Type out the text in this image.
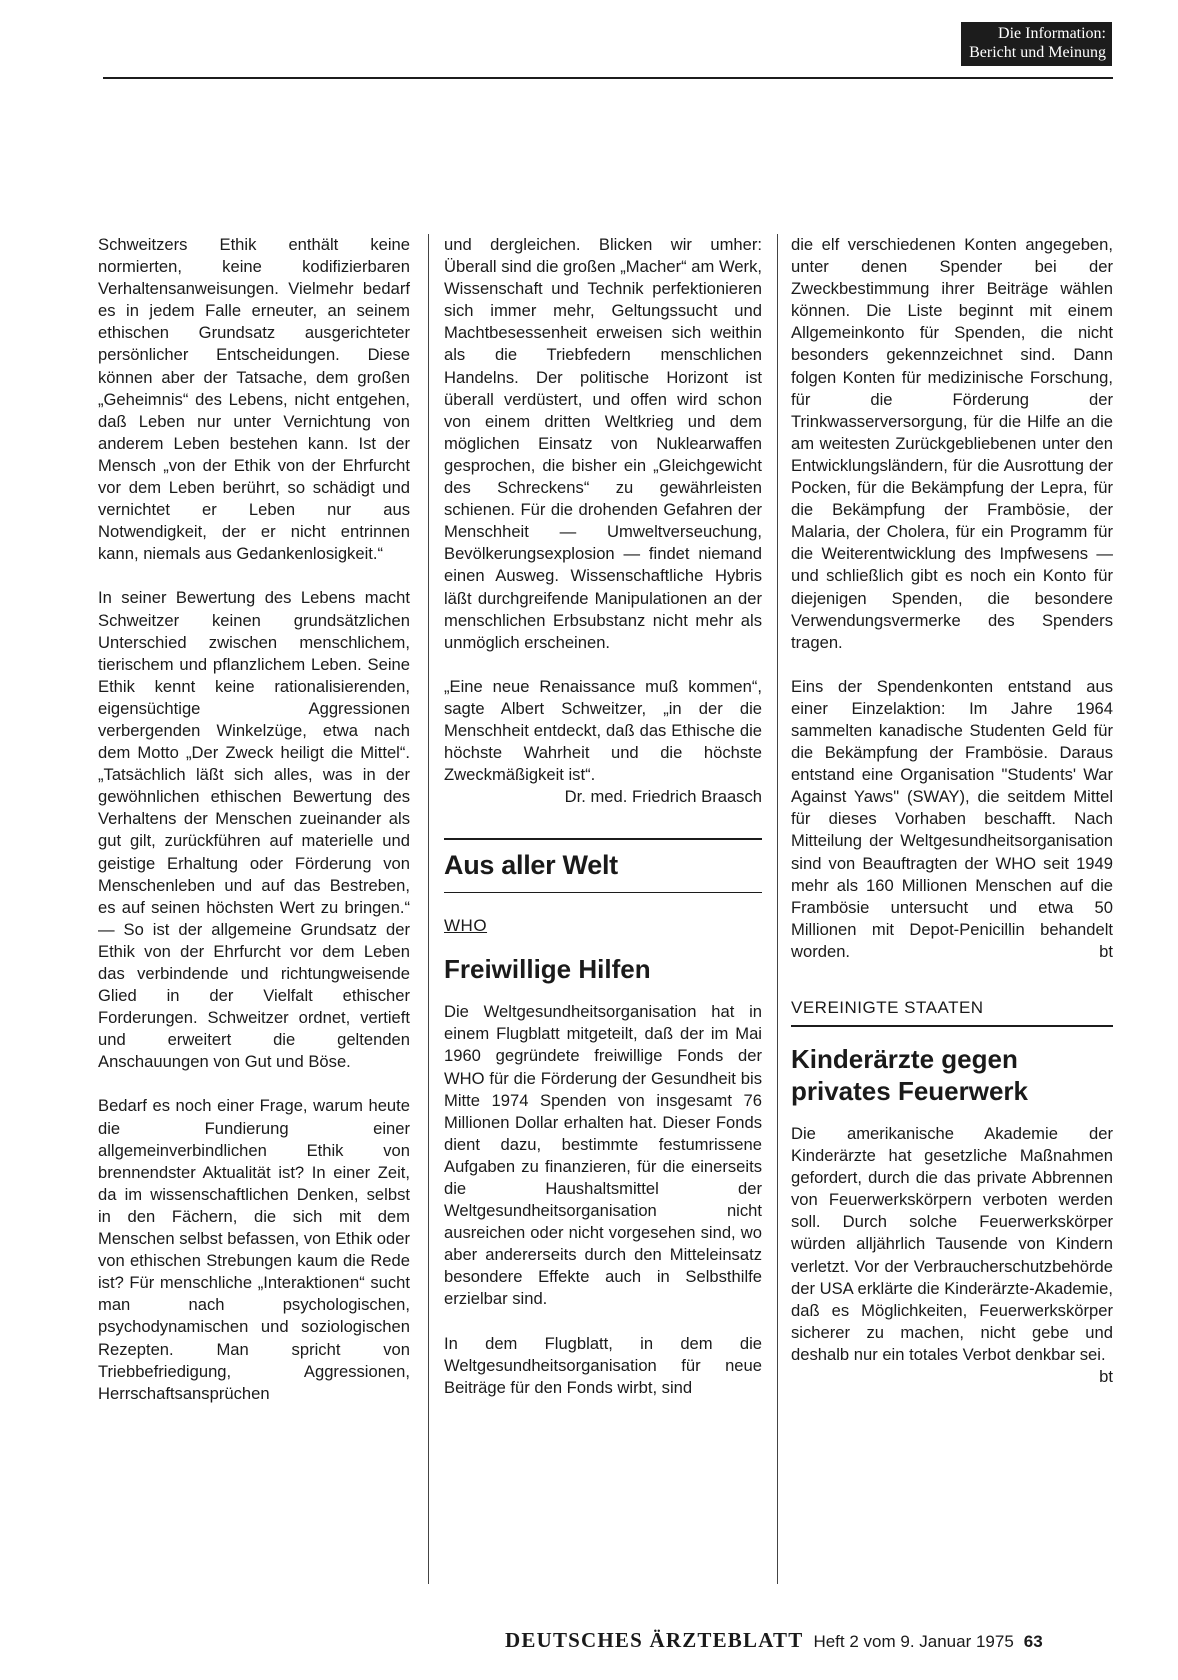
Die Information:
Bericht und Meinung

Schweitzers Ethik enthält keine normierten, keine kodifizierbaren Verhaltensanweisungen. Vielmehr bedarf es in jedem Falle erneuter, an seinem ethischen Grundsatz ausgerichteter persönlicher Entscheidungen. Diese können aber der Tatsache, dem großen „Geheimnis“ des Lebens, nicht entgehen, daß Leben nur unter Vernichtung von anderem Leben bestehen kann. Ist der Mensch „von der Ethik von der Ehrfurcht vor dem Leben berührt, so schädigt und vernichtet er Leben nur aus Notwendigkeit, der er nicht entrinnen kann, niemals aus Gedankenlosigkeit.“

In seiner Bewertung des Lebens macht Schweitzer keinen grundsätzlichen Unterschied zwischen menschlichem, tierischem und pflanzlichem Leben. Seine Ethik kennt keine rationalisierenden, eigensüchtige Aggressionen verbergenden Winkelzüge, etwa nach dem Motto „Der Zweck heiligt die Mittel“. „Tatsächlich läßt sich alles, was in der gewöhnlichen ethischen Bewertung des Verhaltens der Menschen zueinander als gut gilt, zurückführen auf materielle und geistige Erhaltung oder Förderung von Menschenleben und auf das Bestreben, es auf seinen höchsten Wert zu bringen.“ — So ist der allgemeine Grundsatz der Ethik von der Ehrfurcht vor dem Leben das verbindende und richtungweisende Glied in der Vielfalt ethischer Forderungen. Schweitzer ordnet, vertieft und erweitert die geltenden Anschauungen von Gut und Böse.

Bedarf es noch einer Frage, warum heute die Fundierung einer allgemeinverbindlichen Ethik von brennendster Aktualität ist? In einer Zeit, da im wissenschaftlichen Denken, selbst in den Fächern, die sich mit dem Menschen selbst befassen, von Ethik oder von ethischen Strebungen kaum die Rede ist? Für menschliche „Interaktionen“ sucht man nach psychologischen, psychodynamischen und soziologischen Rezepten. Man spricht von Triebbefriedigung, Aggressionen, Herrschaftsansprüchen

und dergleichen. Blicken wir umher: Überall sind die großen „Macher“ am Werk, Wissenschaft und Technik perfektionieren sich immer mehr, Geltungssucht und Machtbesessenheit erweisen sich weithin als die Triebfedern menschlichen Handelns. Der politische Horizont ist überall verdüstert, und offen wird schon von einem dritten Weltkrieg und dem möglichen Einsatz von Nuklearwaffen gesprochen, die bisher ein „Gleichgewicht des Schreckens“ zu gewährleisten schienen. Für die drohenden Gefahren der Menschheit — Umweltverseuchung, Bevölkerungsexplosion — findet niemand einen Ausweg. Wissenschaftliche Hybris läßt durchgreifende Manipulationen an der menschlichen Erbsubstanz nicht mehr als unmöglich erscheinen.

„Eine neue Renaissance muß kommen“, sagte Albert Schweitzer, „in der die Menschheit entdeckt, daß das Ethische die höchste Wahrheit und die höchste Zweckmäßigkeit ist“.
Dr. med. Friedrich Braasch

Aus aller Welt
WHO
Freiwillige Hilfen

Die Weltgesundheitsorganisation hat in einem Flugblatt mitgeteilt, daß der im Mai 1960 gegründete freiwillige Fonds der WHO für die Förderung der Gesundheit bis Mitte 1974 Spenden von insgesamt 76 Millionen Dollar erhalten hat. Dieser Fonds dient dazu, bestimmte festumrissene Aufgaben zu finanzieren, für die einerseits die Haushaltsmittel der Weltgesundheitsorganisation nicht ausreichen oder nicht vorgesehen sind, wo aber andererseits durch den Mitteleinsatz besondere Effekte auch in Selbsthilfe erzielbar sind.

In dem Flugblatt, in dem die Weltgesundheitsorganisation für neue Beiträge für den Fonds wirbt, sind

die elf verschiedenen Konten angegeben, unter denen Spender bei der Zweckbestimmung ihrer Beiträge wählen können. Die Liste beginnt mit einem Allgemeinkonto für Spenden, die nicht besonders gekennzeichnet sind. Dann folgen Konten für medizinische Forschung, für die Förderung der Trinkwasserversorgung, für die Hilfe an die am weitesten Zurückgebliebenen unter den Entwicklungsländern, für die Ausrottung der Pocken, für die Bekämpfung der Lepra, für die Bekämpfung der Frambösie, der Malaria, der Cholera, für ein Programm für die Weiterentwicklung des Impfwesens — und schließlich gibt es noch ein Konto für diejenigen Spenden, die besondere Verwendungsvermerke des Spenders tragen.

Eins der Spendenkonten entstand aus einer Einzelaktion: Im Jahre 1964 sammelten kanadische Studenten Geld für die Bekämpfung der Frambösie. Daraus entstand eine Organisation "Students' War Against Yaws" (SWAY), die seitdem Mittel für dieses Vorhaben beschafft. Nach Mitteilung der Weltgesundheitsorganisation sind von Beauftragten der WHO seit 1949 mehr als 160 Millionen Menschen auf die Frambösie untersucht und etwa 50 Millionen mit Depot-Penicillin behandelt worden.	bt

VEREINIGTE STAATEN
Kinderärzte gegen privates Feuerwerk

Die amerikanische Akademie der Kinderärzte hat gesetzliche Maßnahmen gefordert, durch die das private Abbrennen von Feuerwerkskörpern verboten werden soll. Durch solche Feuerwerkskörper würden alljährlich Tausende von Kindern verletzt. Vor der Verbraucherschutzbehörde der USA erklärte die Kinderärzte-Akademie, daß es Möglichkeiten, Feuerwerkskörper sicherer zu machen, nicht gebe und deshalb nur ein totales Verbot denkbar sei.
bt

DEUTSCHES ÄRZTEBLATT Heft 2 vom 9. Januar 1975 63
